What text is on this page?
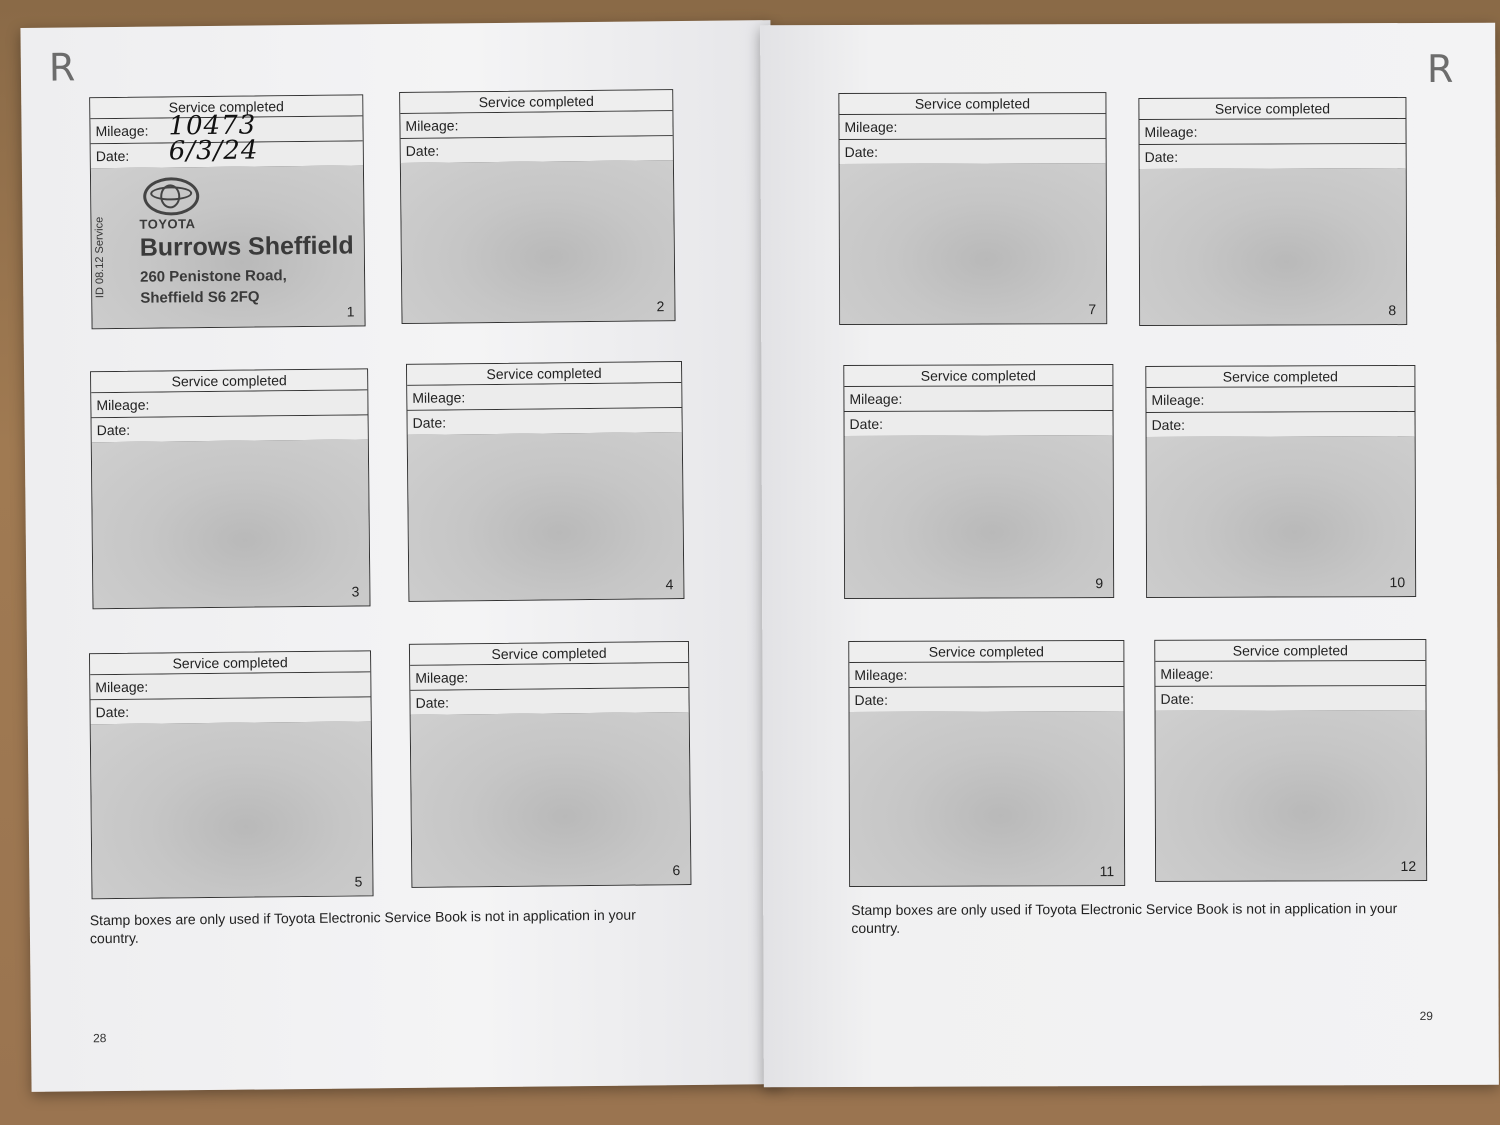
R
Service completed
Mileage: 10473
Date: 6/3/24
ID 08.12 Service	TOYOTA
Burrows Sheffield
260 Penistone Road,
Sheffield S6 2FQ
1
Service completed
Mileage:
Date:
2
Service completed
Mileage:
Date:
3
Service completed
Mileage:
Date:
4
Service completed
Mileage:
Date:
5
Service completed
Mileage:
Date:
6
Stamp boxes are only used if Toyota Electronic Service Book is not in application in your country.
28
R
Service completed
Mileage:
Date:
7
Service completed
Mileage:
Date:
8
Service completed
Mileage:
Date:
9
Service completed
Mileage:
Date:
10
Service completed
Mileage:
Date:
11
Service completed
Mileage:
Date:
12
Stamp boxes are only used if Toyota Electronic Service Book is not in application in your country.
29
